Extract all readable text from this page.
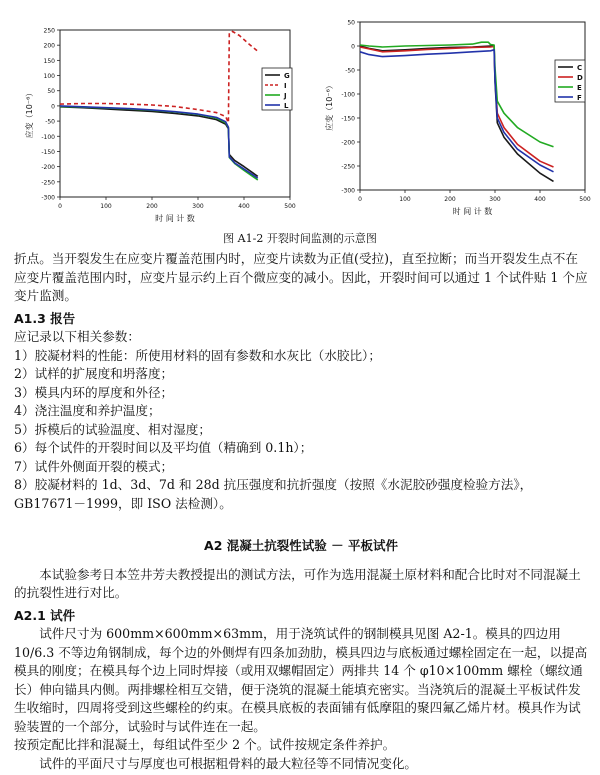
250
200
150
100
50
0
-50
-100
-150
-200
-250
-300
0	100	200	300	400	500
时 间 计 数
应变（10⁻⁶）
G
I
J
L
50
0
-50
-100
-150
-200
-250
-300
0	100	200	300	400	500
时 间 计 数
应变（10⁻⁶）
C
D
E
F
图 A1-2 开裂时间监测的示意图

折点。当开裂发生在应变片覆盖范围内时，应变片读数为正值(受拉)，直至拉断；而当开裂发生点不在应变片覆盖范围内时，应变片显示约上百个微应变的减小。因此，开裂时间可以通过 1 个试件贴 1 个应变片监测。

A1.3 报告

应记录以下相关参数：

1）胶凝材料的性能：所使用材料的固有参数和水灰比（水胶比）；

2）试样的扩展度和坍落度；

3）模具内环的厚度和外径；

4）浇注温度和养护温度；

5）拆模后的试验温度、相对湿度；

6）每个试件的开裂时间以及平均值（精确到 0.1h）；

7）试件外侧面开裂的模式；

8）胶凝材料的 1d、3d、7d 和 28d 抗压强度和抗折强度（按照《水泥胶砂强度检验方法》，GB17671－1999，即 ISO 法检测）。

A2 混凝土抗裂性试验 － 平板试件

本试验参考日本笠井芳夫教授提出的测试方法，可作为选用混凝土原材料和配合比时对不同混凝土的抗裂性进行对比。

A2.1 试件

试件尺寸为 600mm×600mm×63mm，用于浇筑试件的钢制模具见图 A2-1。模具的四边用 10/6.3 不等边角钢制成，每个边的外侧焊有四条加劲肋，模具四边与底板通过螺栓固定在一起，以提高模具的刚度；在模具每个边上同时焊接（或用双螺帽固定）两排共 14 个 φ10×100mm 螺栓（螺纹通长）伸向锚具内侧。两排螺栓相互交错，便于浇筑的混凝土能填充密实。当浇筑后的混凝土平板试件发生收缩时，四周将受到这些螺栓的约束。在模具底板的表面铺有低摩阻的聚四氟乙烯片材。模具作为试验装置的一个部分，试验时与试件连在一起。

按预定配比拌和混凝土，每组试件至少 2 个。试件按规定条件养护。

试件的平面尺寸与厚度也可根据粗骨料的最大粒径等不同情况变化。
